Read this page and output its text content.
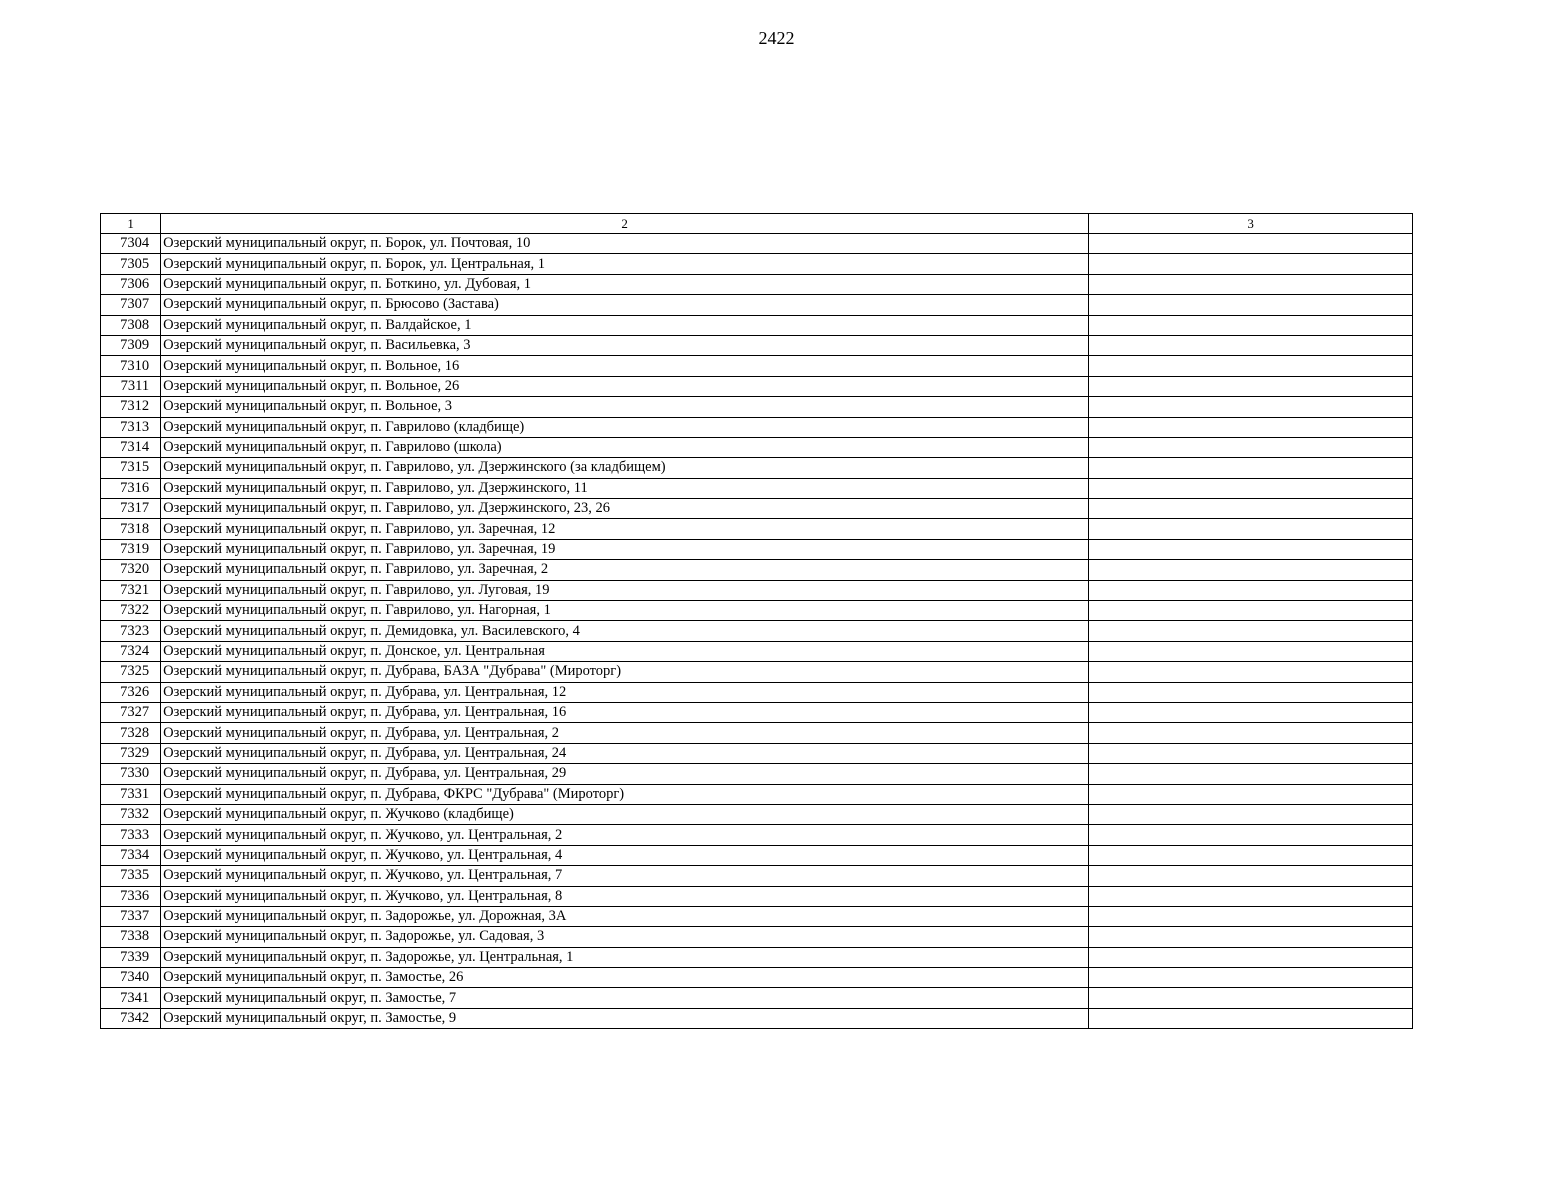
2422
1	2	3
7304	Озерский муниципальный округ, п. Борок, ул. Почтовая, 10	
7305	Озерский муниципальный округ, п. Борок, ул. Центральная, 1	
7306	Озерский муниципальный округ, п. Боткино, ул. Дубовая, 1	
7307	Озерский муниципальный округ, п. Брюсово (Застава)	
7308	Озерский муниципальный округ, п. Валдайское, 1	
7309	Озерский муниципальный округ, п. Васильевка, 3	
7310	Озерский муниципальный округ, п. Вольное, 16	
7311	Озерский муниципальный округ, п. Вольное, 26	
7312	Озерский муниципальный округ, п. Вольное, 3	
7313	Озерский муниципальный округ, п. Гаврилово (кладбище)	
7314	Озерский муниципальный округ, п. Гаврилово (школа)	
7315	Озерский муниципальный округ, п. Гаврилово, ул. Дзержинского (за кладбищем)	
7316	Озерский муниципальный округ, п. Гаврилово, ул. Дзержинского, 11	
7317	Озерский муниципальный округ, п. Гаврилово, ул. Дзержинского, 23, 26	
7318	Озерский муниципальный округ, п. Гаврилово, ул. Заречная, 12	
7319	Озерский муниципальный округ, п. Гаврилово, ул. Заречная, 19	
7320	Озерский муниципальный округ, п. Гаврилово, ул. Заречная, 2	
7321	Озерский муниципальный округ, п. Гаврилово, ул. Луговая, 19	
7322	Озерский муниципальный округ, п. Гаврилово, ул. Нагорная, 1	
7323	Озерский муниципальный округ, п. Демидовка, ул. Василевского, 4	
7324	Озерский муниципальный округ, п. Донское, ул. Центральная	
7325	Озерский муниципальный округ, п. Дубрава, БАЗА "Дубрава" (Мироторг)	
7326	Озерский муниципальный округ, п. Дубрава, ул. Центральная, 12	
7327	Озерский муниципальный округ, п. Дубрава, ул. Центральная, 16	
7328	Озерский муниципальный округ, п. Дубрава, ул. Центральная, 2	
7329	Озерский муниципальный округ, п. Дубрава, ул. Центральная, 24	
7330	Озерский муниципальный округ, п. Дубрава, ул. Центральная, 29	
7331	Озерский муниципальный округ, п. Дубрава, ФКРС "Дубрава" (Мироторг)	
7332	Озерский муниципальный округ, п. Жучково (кладбище)	
7333	Озерский муниципальный округ, п. Жучково, ул. Центральная, 2	
7334	Озерский муниципальный округ, п. Жучково, ул. Центральная, 4	
7335	Озерский муниципальный округ, п. Жучково, ул. Центральная, 7	
7336	Озерский муниципальный округ, п. Жучково, ул. Центральная, 8	
7337	Озерский муниципальный округ, п. Задорожье, ул. Дорожная, 3А	
7338	Озерский муниципальный округ, п. Задорожье, ул. Садовая, 3	
7339	Озерский муниципальный округ, п. Задорожье, ул. Центральная, 1	
7340	Озерский муниципальный округ, п. Замостье, 26	
7341	Озерский муниципальный округ, п. Замостье, 7	
7342	Озерский муниципальный округ, п. Замостье, 9	
